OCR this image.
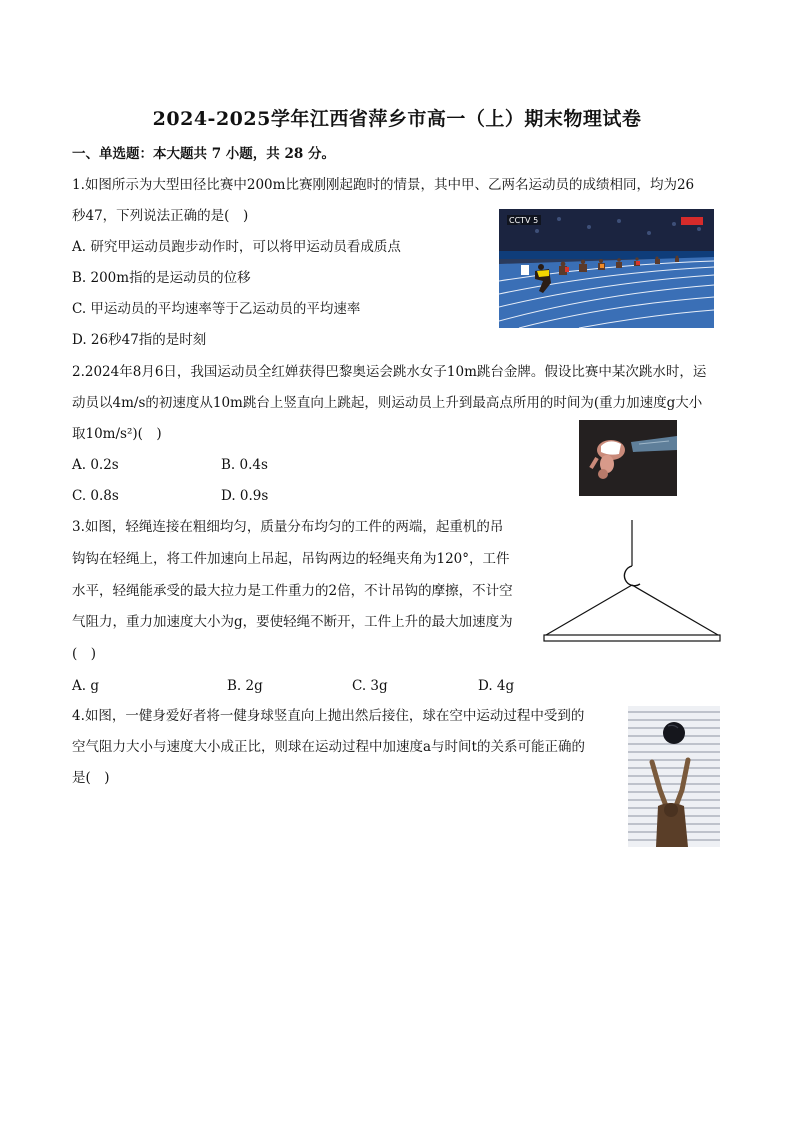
2024-2025学年江西省萍乡市高一（上）期末物理试卷
一、单选题：本大题共 7 小题，共 28 分。
1.如图所示为大型田径比赛中200m比赛刚刚起跑时的情景，其中甲、乙两名运动员的成绩相同，均为26
秒47，下列说法正确的是(　)
A. 研究甲运动员跑步动作时，可以将甲运动员看成质点
B. 200m指的是运动员的位移
C. 甲运动员的平均速率等于乙运动员的平均速率
D. 26秒47指的是时刻
CCTV 5
2.2024年8月6日，我国运动员全红婵获得巴黎奥运会跳水女子10m跳台金牌。假设比赛中某次跳水时，运
动员以4m/s的初速度从10m跳台上竖直向上跳起，则运动员上升到最高点所用的时间为(重力加速度g大小
取10m/s²)(　)
A. 0.2s	B. 0.4s
C. 0.8s	D. 0.9s
3.如图，轻绳连接在粗细均匀，质量分布均匀的工件的两端，起重机的吊
钩钩在轻绳上，将工件加速向上吊起，吊钩两边的轻绳夹角为120°，工件
水平，轻绳能承受的最大拉力是工件重力的2倍，不计吊钩的摩擦，不计空
气阻力，重力加速度大小为g，要使轻绳不断开，工件上升的最大加速度为
(　)
A. g	B. 2g	C. 3g	D. 4g
4.如图，一健身爱好者将一健身球竖直向上抛出然后接住，球在空中运动过程中受到的
空气阻力大小与速度大小成正比，则球在运动过程中加速度a与时间t的关系可能正确的
是(　)
